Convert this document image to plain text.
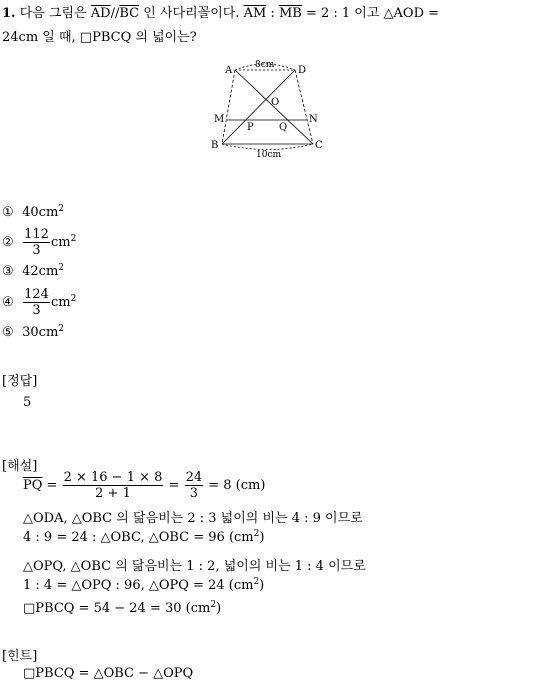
1. 다음 그림은 $\overline{AD}//\overline{BC}$ 인 사다리꼴이다. $\overline{AM}$ : $\overline{MB} = 2$ : 1 이고 △AOD =
24cm 일 때, □PBCQ 의 넓이는?
A	D
B	C
M	N
O
P	Q
8cm
10cm
① $40cm^2$
② $\frac{112}{3} cm^2$
③ $42cm^2$
④ $\frac{124}{3} cm^2$
⑤ $30cm^2$
[정답]
5
[해설]
$\overline{PQ} = \frac{2 \times 16 - 1 \times 8}{2 + 1} = \frac{24}{3} = 8$ (cm)
△ODA, △OBC 의 닮음비는 2 : 3 넓이의 비는 4 : 9 이므로
4 : 9 = 24 : △OBC, △OBC = 96 $(cm^2)$
△OPQ, △OBC 의 닮음비는 1 : 2, 넓이의 비는 1 : 4 이므로
1 : 4 = △OPQ : 96, △OPQ = 24 $(cm^2)$
□PBCQ = 54 − 24 = 30 $(cm^2)$
[힌트]
□PBCQ = △OBC − △OPQ
